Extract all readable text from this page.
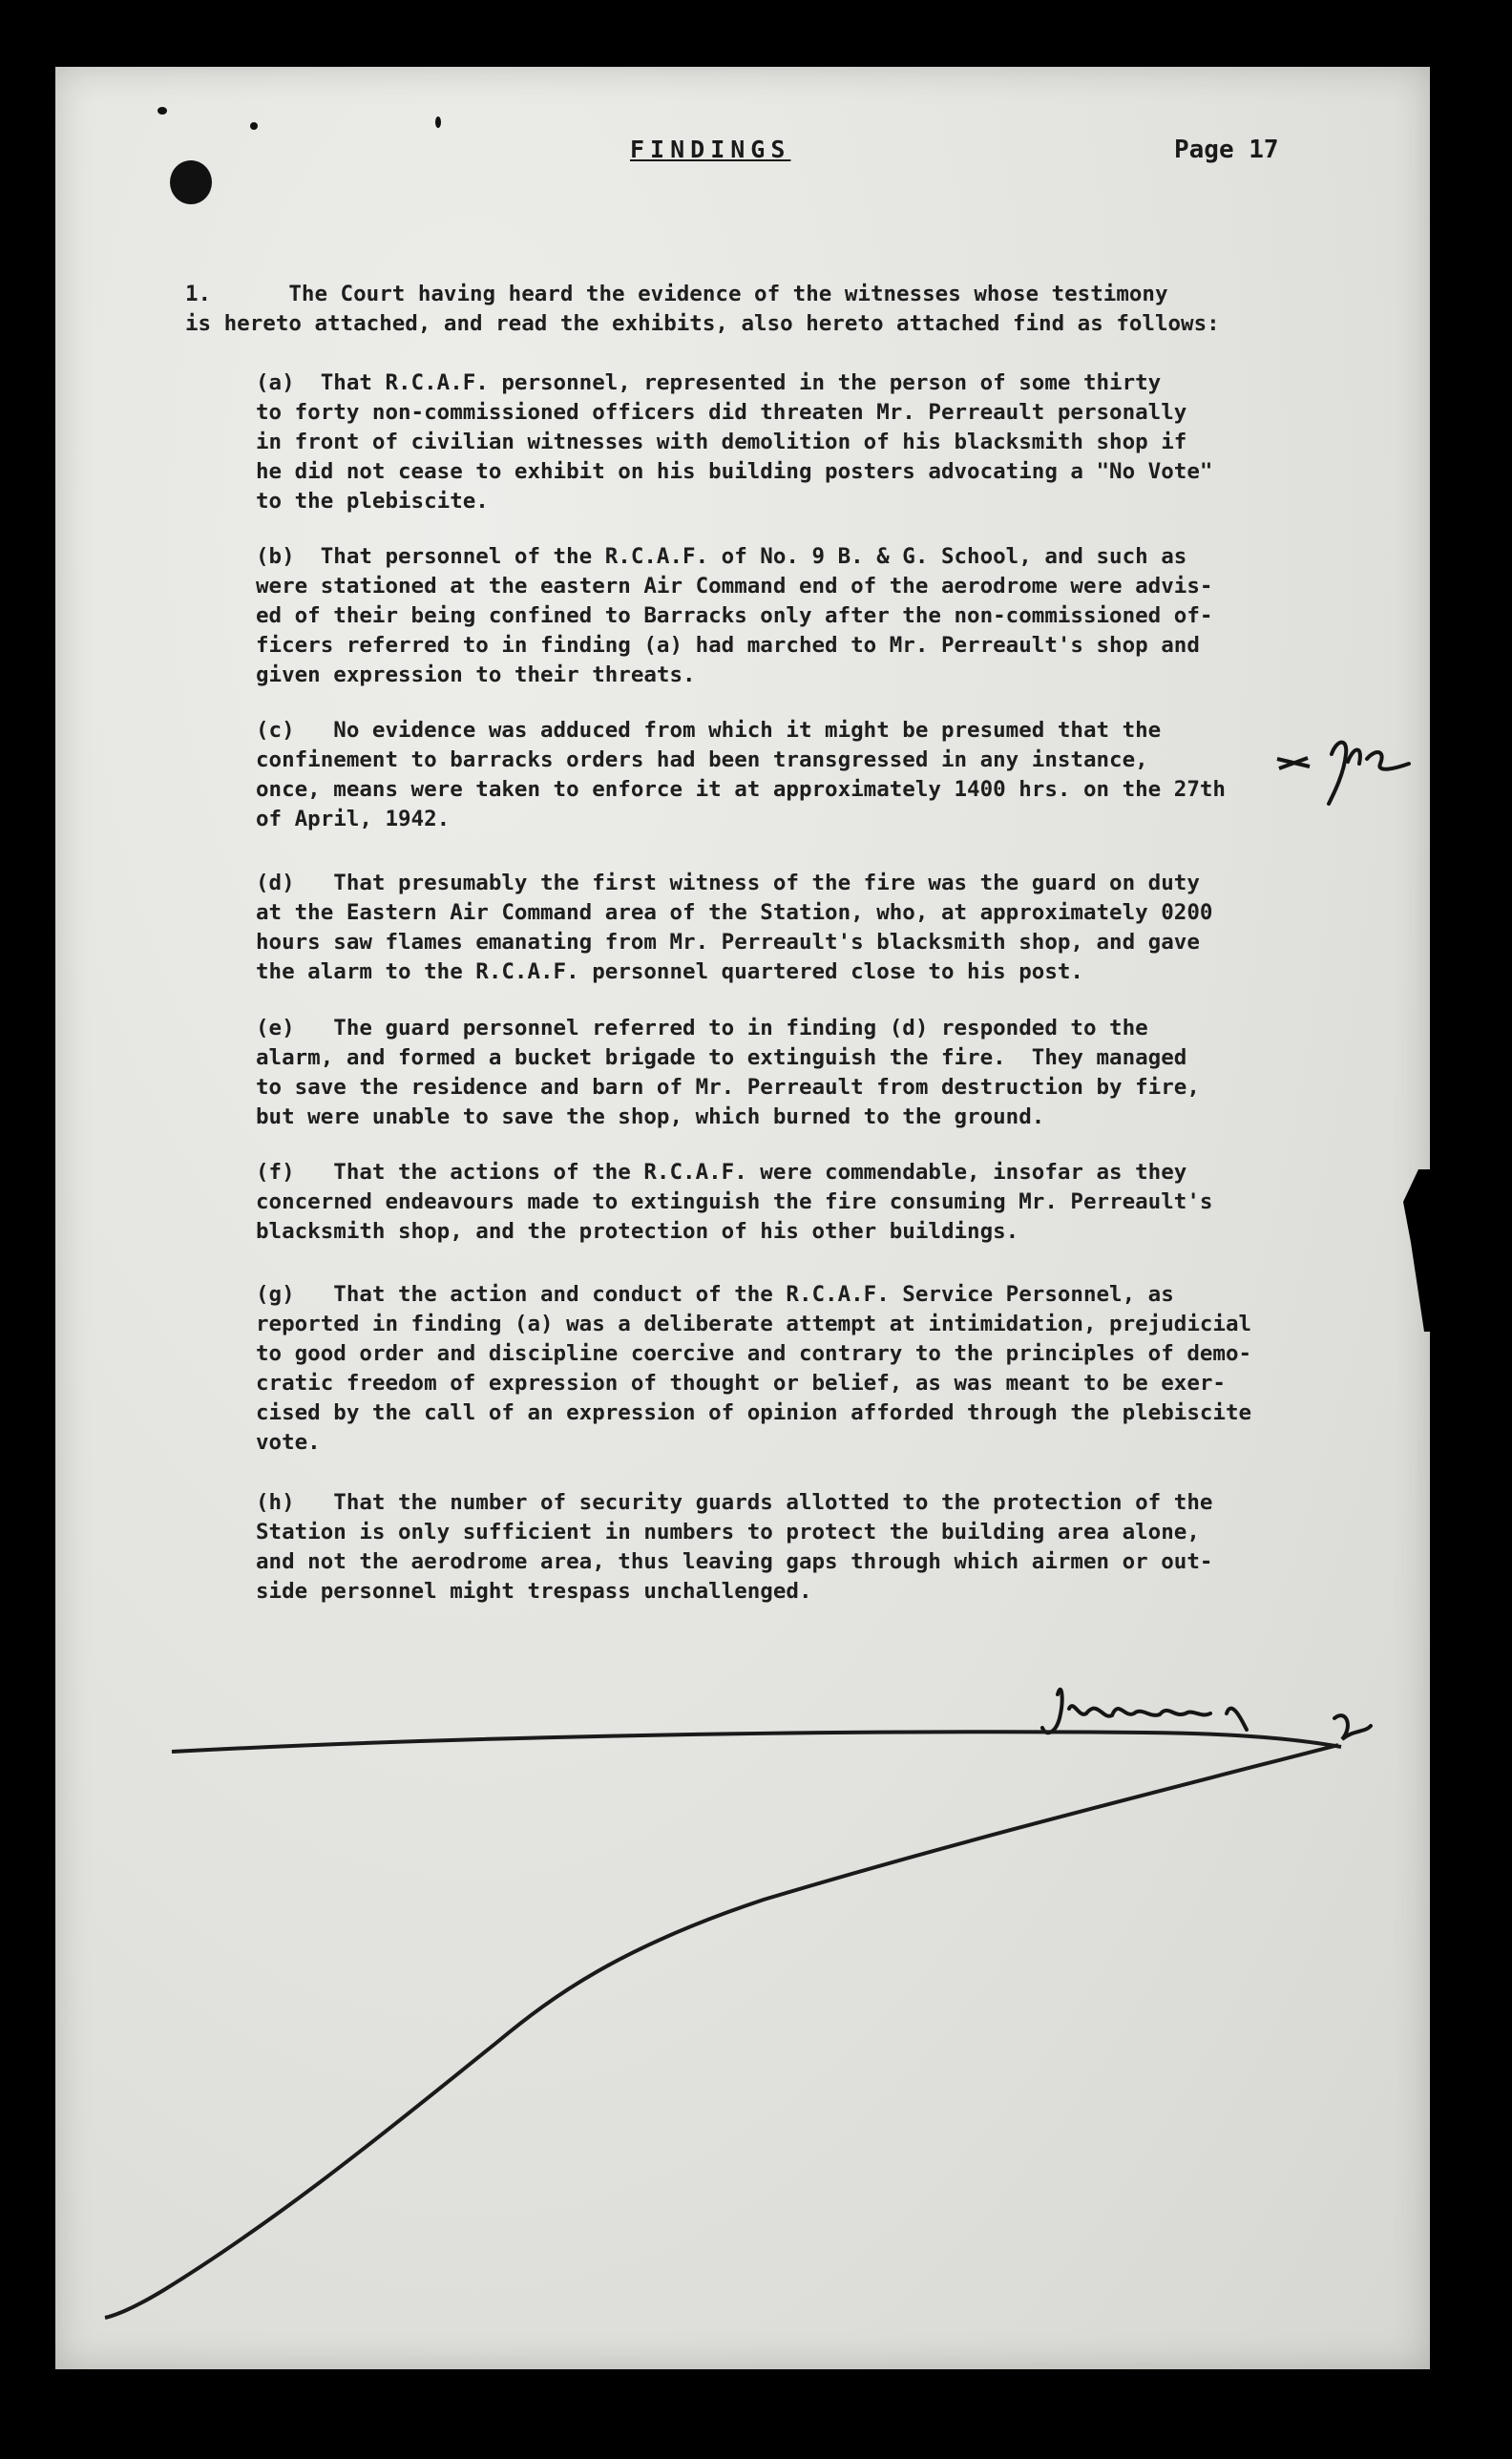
FINDINGS	Page 17

1.      The Court having heard the evidence of the witnesses whose testimony
is hereto attached, and read the exhibits, also hereto attached find as follows:

(a)  That R.C.A.F. personnel, represented in the person of some thirty
to forty non-commissioned officers did threaten Mr. Perreault personally
in front of civilian witnesses with demolition of his blacksmith shop if
he did not cease to exhibit on his building posters advocating a "No Vote"
to the plebiscite.

(b)  That personnel of the R.C.A.F. of No. 9 B. & G. School, and such as
were stationed at the eastern Air Command end of the aerodrome were advis-
ed of their being confined to Barracks only after the non-commissioned of-
ficers referred to in finding (a) had marched to Mr. Perreault's shop and
given expression to their threats.

(c)   No evidence was adduced from which it might be presumed that the
confinement to barracks orders had been transgressed in any instance,
once, means were taken to enforce it at approximately 1400 hrs. on the 27th
of April, 1942.

(d)   That presumably the first witness of the fire was the guard on duty
at the Eastern Air Command area of the Station, who, at approximately 0200
hours saw flames emanating from Mr. Perreault's blacksmith shop, and gave
the alarm to the R.C.A.F. personnel quartered close to his post.

(e)   The guard personnel referred to in finding (d) responded to the
alarm, and formed a bucket brigade to extinguish the fire.  They managed
to save the residence and barn of Mr. Perreault from destruction by fire,
but were unable to save the shop, which burned to the ground.

(f)   That the actions of the R.C.A.F. were commendable, insofar as they
concerned endeavours made to extinguish the fire consuming Mr. Perreault's
blacksmith shop, and the protection of his other buildings.

(g)   That the action and conduct of the R.C.A.F. Service Personnel, as
reported in finding (a) was a deliberate attempt at intimidation, prejudicial
to good order and discipline coercive and contrary to the principles of demo-
cratic freedom of expression of thought or belief, as was meant to be exer-
cised by the call of an expression of opinion afforded through the plebiscite
vote.

(h)   That the number of security guards allotted to the protection of the
Station is only sufficient in numbers to protect the building area alone,
and not the aerodrome area, thus leaving gaps through which airmen or out-
side personnel might trespass unchallenged.
